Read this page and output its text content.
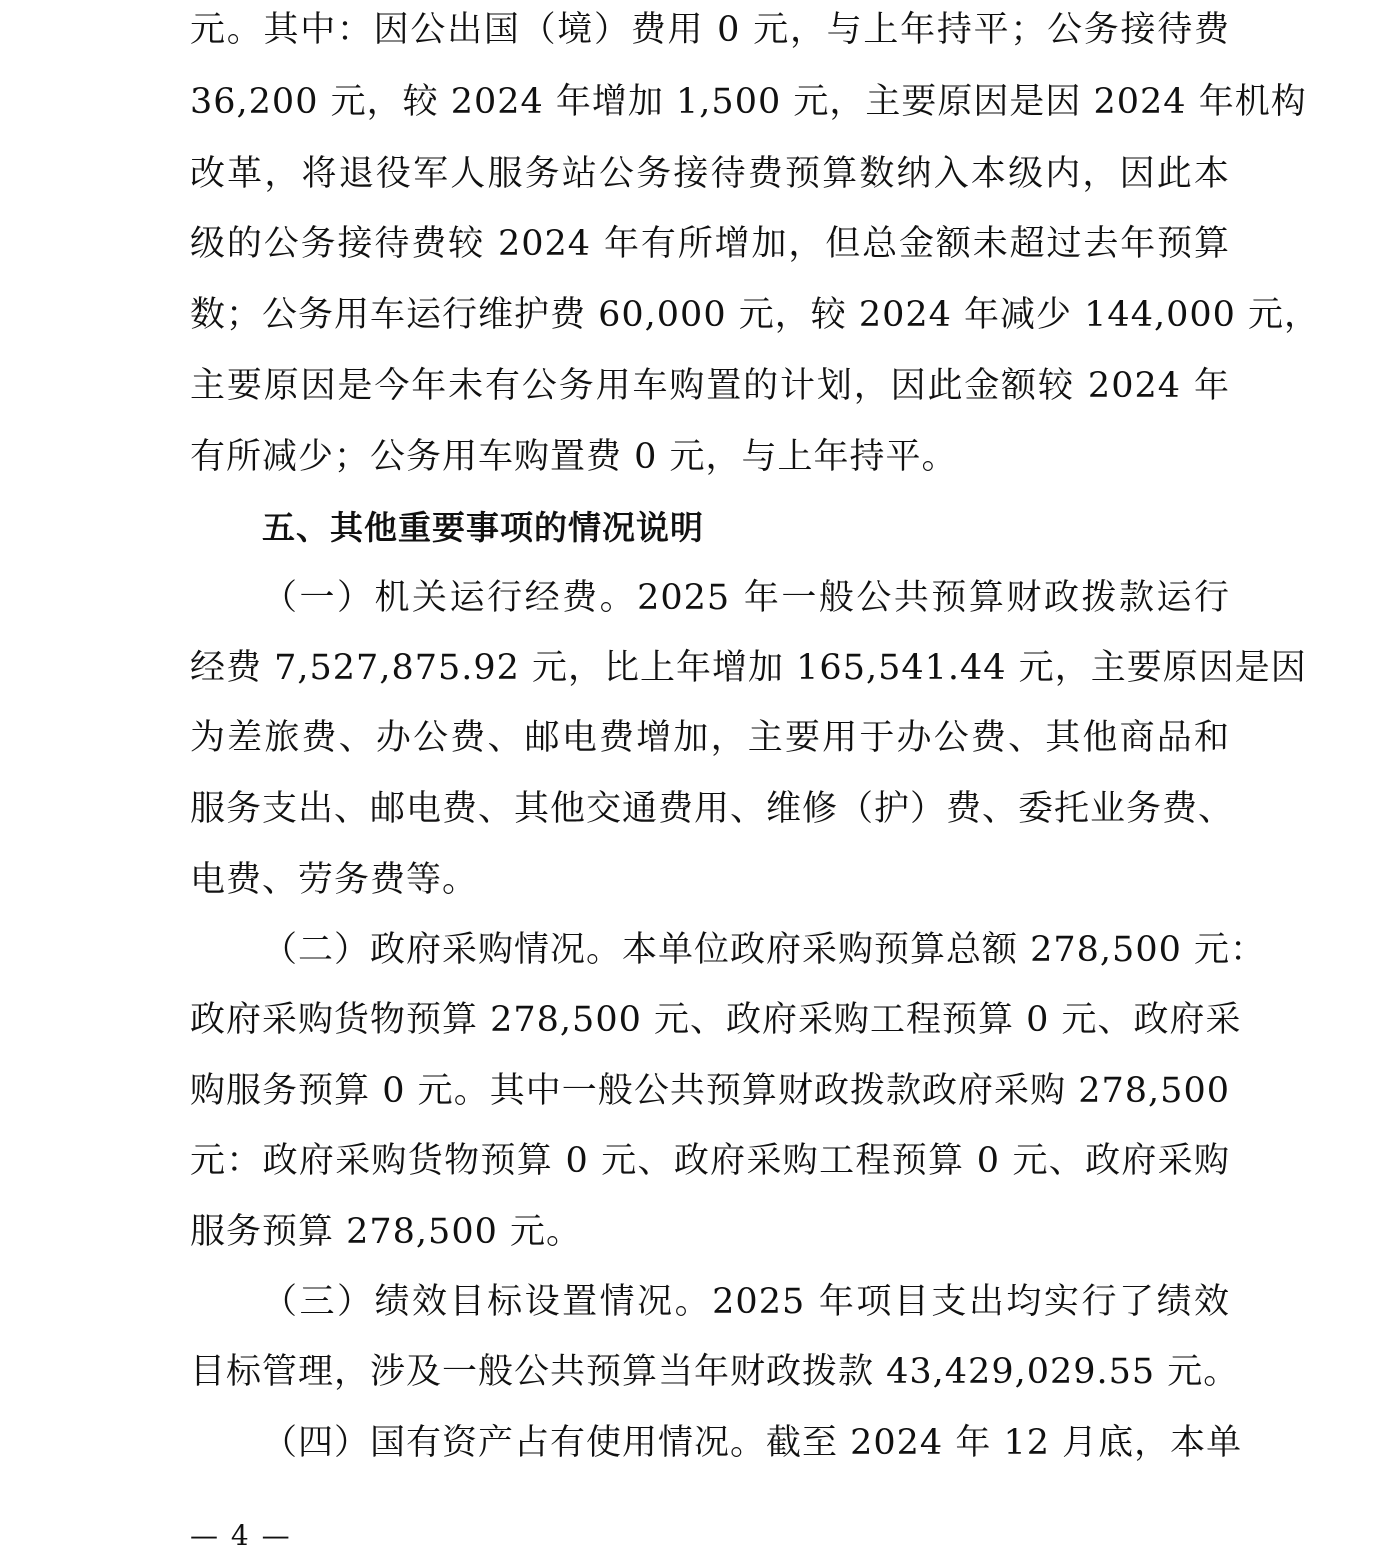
元。其中：因公出国（境）费用 0 元，与上年持平；公务接待费
36,200 元，较 2024 年增加 1,500 元，主要原因是因 2024 年机构
改革，将退役军人服务站公务接待费预算数纳入本级内，因此本
级的公务接待费较 2024 年有所增加，但总金额未超过去年预算
数；公务用车运行维护费 60,000 元，较 2024 年减少 144,000 元，
主要原因是今年未有公务用车购置的计划，因此金额较 2024 年
有所减少；公务用车购置费 0 元，与上年持平。
五、其他重要事项的情况说明
（一）机关运行经费。2025 年一般公共预算财政拨款运行
经费 7,527,875.92 元，比上年增加 165,541.44 元，主要原因是因
为差旅费、办公费、邮电费增加，主要用于办公费、其他商品和
服务支出、邮电费、其他交通费用、维修（护）费、委托业务费、
电费、劳务费等。
（二）政府采购情况。本单位政府采购预算总额 278,500 元：
政府采购货物预算 278,500 元、政府采购工程预算 0 元、政府采
购服务预算 0 元。其中一般公共预算财政拨款政府采购 278,500
元：政府采购货物预算 0 元、政府采购工程预算 0 元、政府采购
服务预算 278,500 元。
（三）绩效目标设置情况。2025 年项目支出均实行了绩效
目标管理，涉及一般公共预算当年财政拨款 43,429,029.55 元。
（四）国有资产占有使用情况。截至 2024 年 12 月底，本单
— 4 —
